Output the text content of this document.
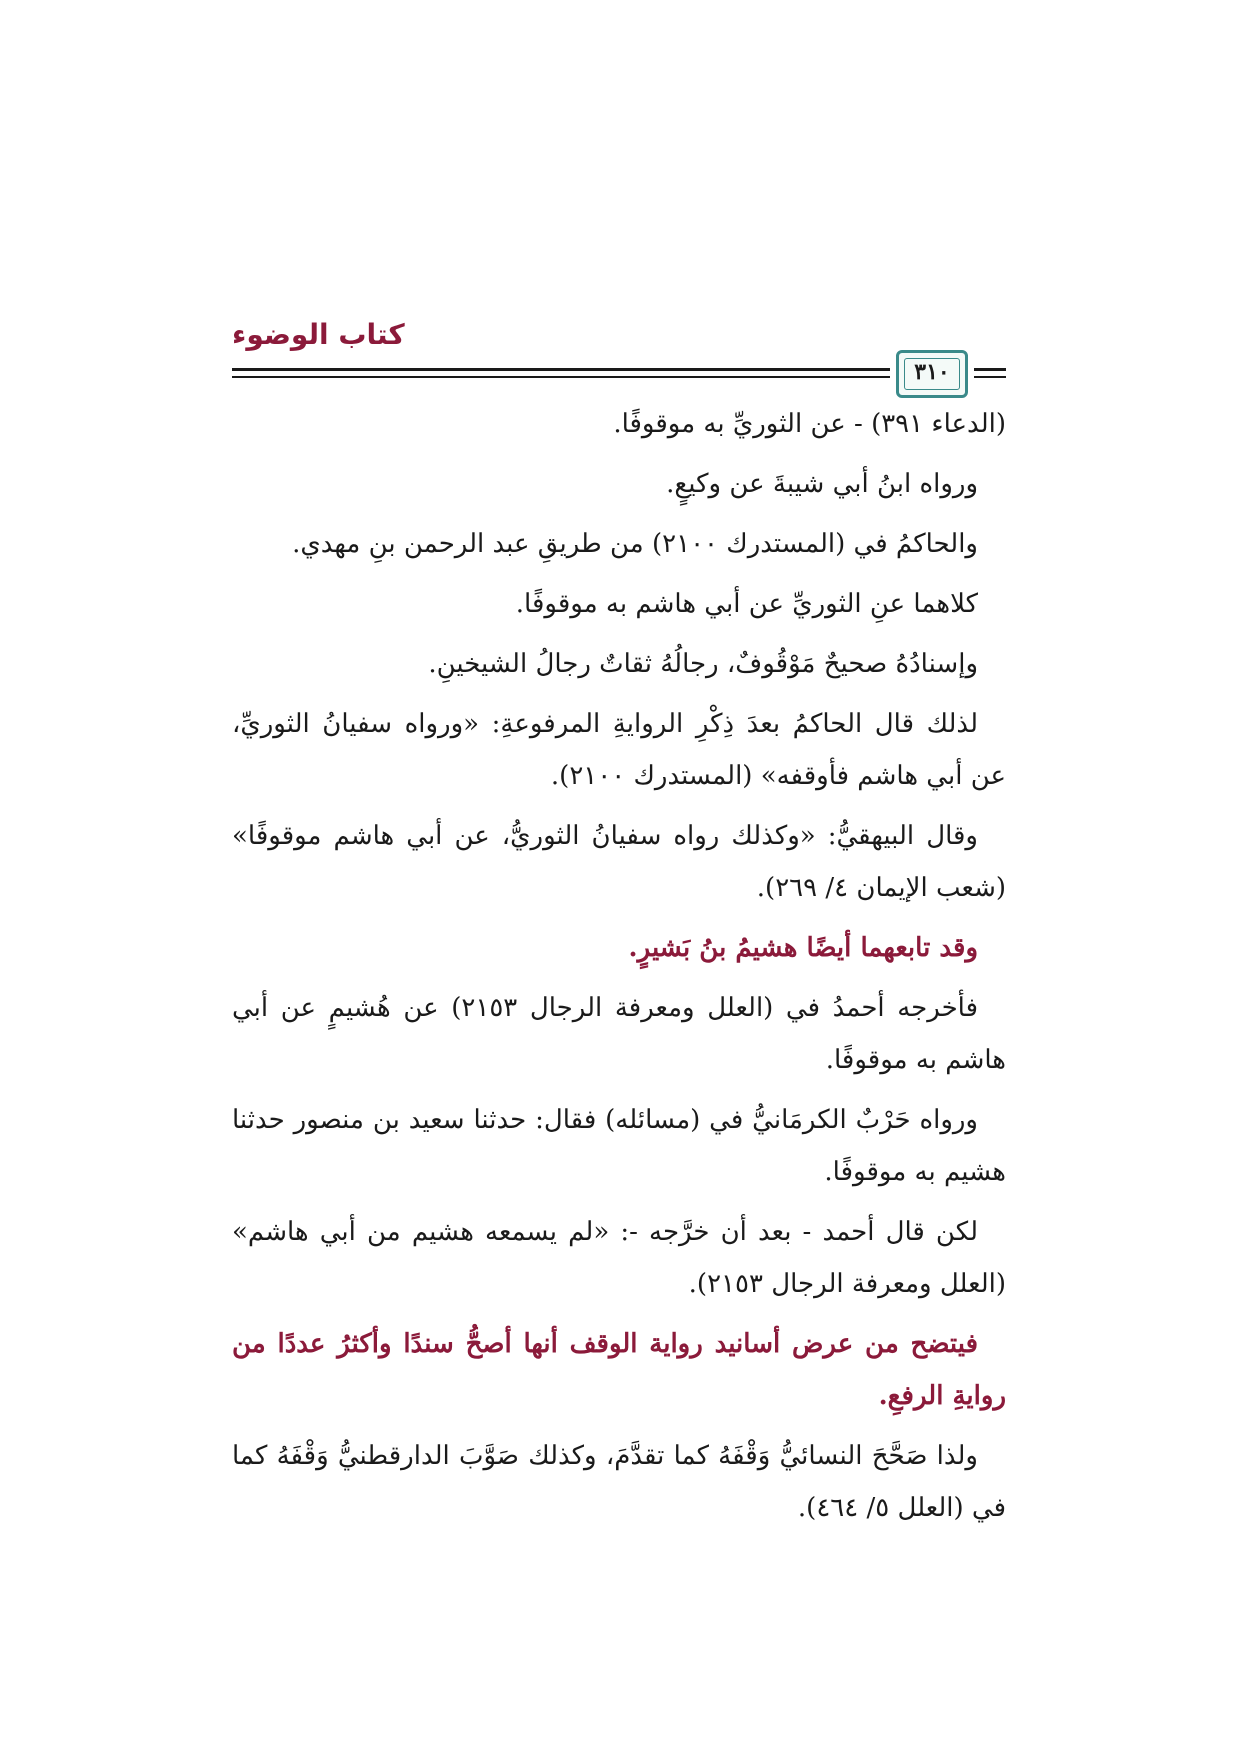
كتاب الوضوء
٣١٠

(الدعاء ٣٩١) - عن الثوريِّ به موقوفًا.

ورواه ابنُ أبي شيبةَ عن وكيعٍ.

والحاكمُ في (المستدرك ٢١٠٠) من طريقِ عبد الرحمن بنِ مهدي.

كلاهما عنِ الثوريِّ عن أبي هاشم به موقوفًا.

وإسنادُهُ صحيحٌ مَوْقُوفٌ، رجالُهُ ثقاتٌ رجالُ الشيخينِ.

لذلك قال الحاكمُ بعدَ ذِكْرِ الروايةِ المرفوعةِ: «ورواه سفيانُ الثوريِّ، عن أبي هاشم فأوقفه» (المستدرك ٢١٠٠).

وقال البيهقيُّ: «وكذلك رواه سفيانُ الثوريُّ، عن أبي هاشم موقوفًا» (شعب الإيمان ٤/ ٢٦٩).

وقد تابعهما أيضًا هشيمُ بنُ بَشيرٍ.

فأخرجه أحمدُ في (العلل ومعرفة الرجال ٢١٥٣) عن هُشيمٍ عن أبي هاشم به موقوفًا.

ورواه حَرْبٌ الكرمَانيُّ في (مسائله) فقال: حدثنا سعيد بن منصور حدثنا هشيم به موقوفًا.

لكن قال أحمد - بعد أن خرَّجه -: «لم يسمعه هشيم من أبي هاشم» (العلل ومعرفة الرجال ٢١٥٣).

فيتضح من عرض أسانيد رواية الوقف أنها أصحُّ سندًا وأكثرُ عددًا من روايةِ الرفعِ.

ولذا صَحَّحَ النسائيُّ وَقْفَهُ كما تقدَّمَ، وكذلك صَوَّبَ الدارقطنيُّ وَقْفَهُ كما في (العلل ٥/ ٤٦٤).
